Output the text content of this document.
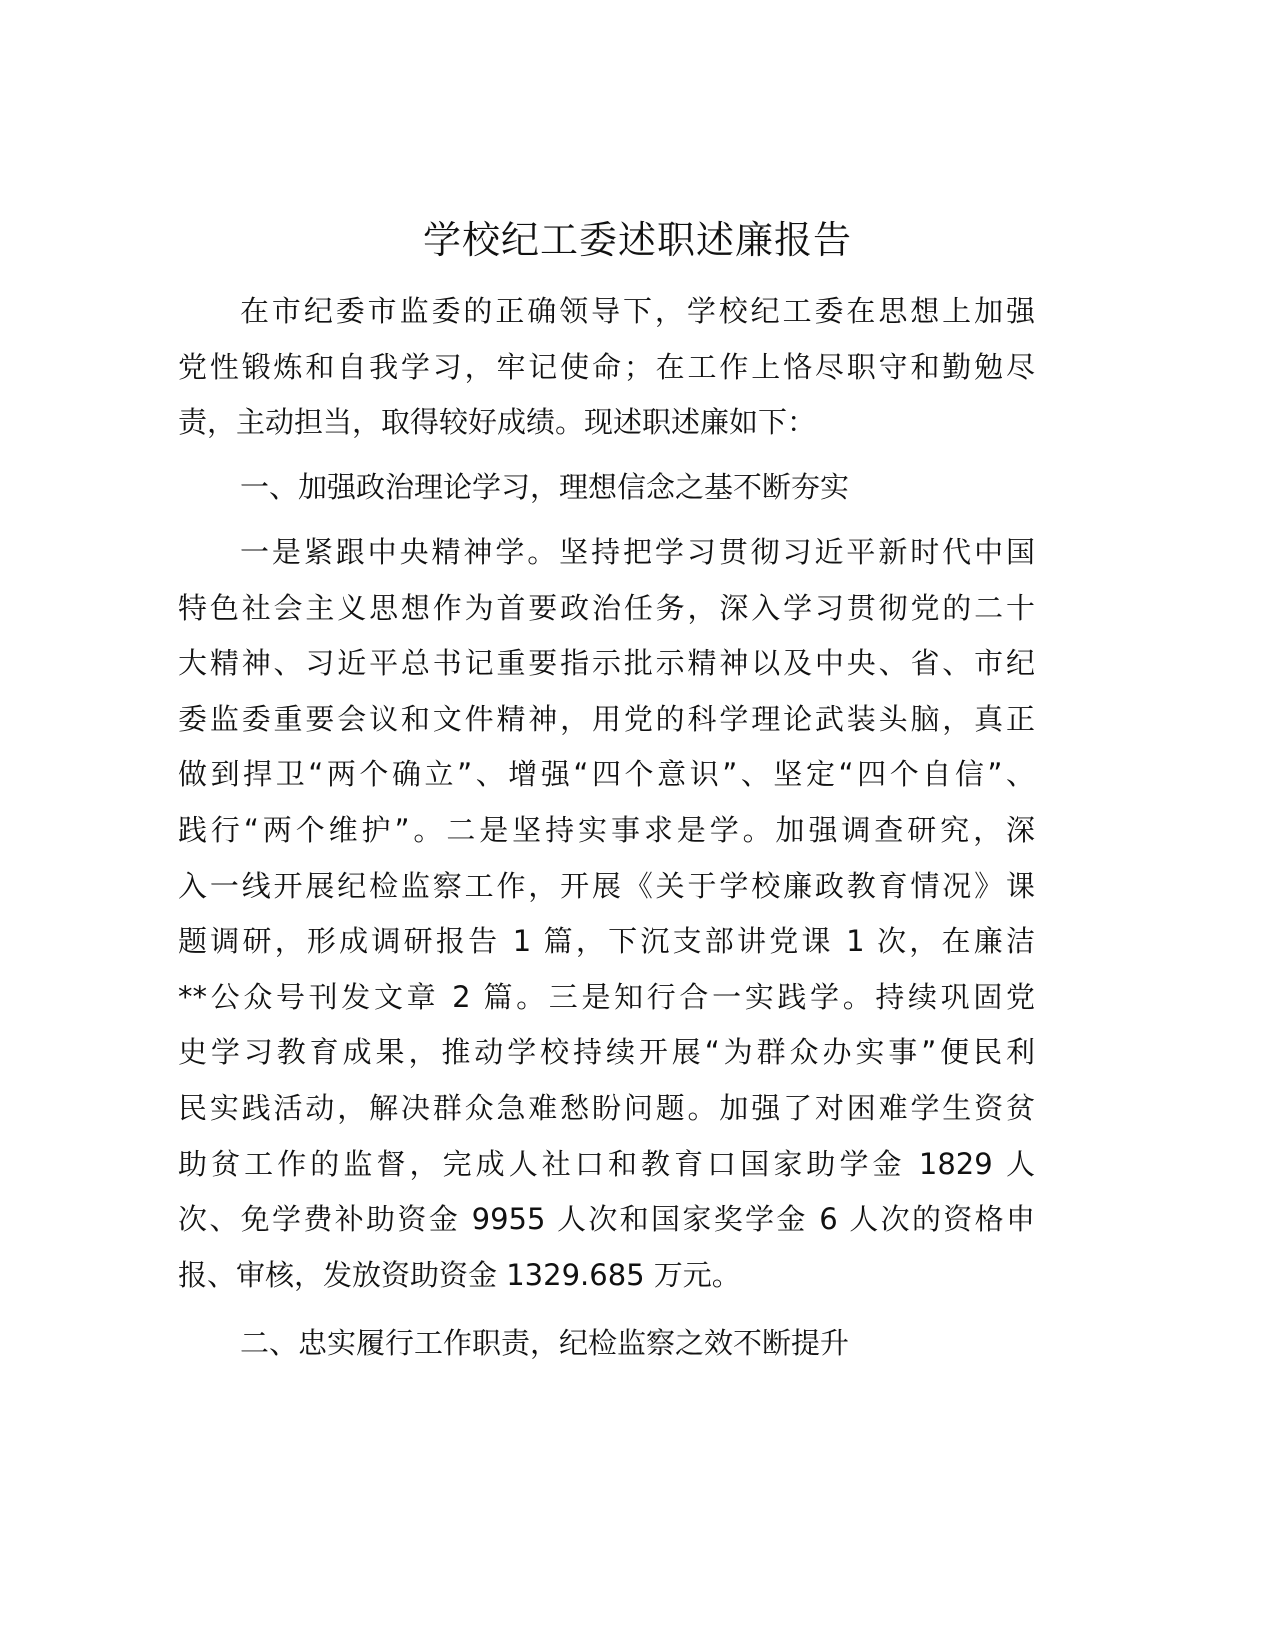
学校纪工委述职述廉报告
在市纪委市监委的正确领导下，学校纪工委在思想上加强
党性锻炼和自我学习，牢记使命；在工作上恪尽职守和勤勉尽
责，主动担当，取得较好成绩。现述职述廉如下：
一、加强政治理论学习，理想信念之基不断夯实
一是紧跟中央精神学。坚持把学习贯彻习近平新时代中国
特色社会主义思想作为首要政治任务，深入学习贯彻党的二十
大精神、习近平总书记重要指示批示精神以及中央、省、市纪
委监委重要会议和文件精神，用党的科学理论武装头脑，真正
做到捍卫“两个确立”、增强“四个意识”、坚定“四个自信”、
践行“两个维护”。二是坚持实事求是学。加强调查研究，深
入一线开展纪检监察工作，开展《关于学校廉政教育情况》课
题调研，形成调研报告 1 篇，下沉支部讲党课 1 次，在廉洁
**公众号刊发文章 2 篇。三是知行合一实践学。持续巩固党
史学习教育成果，推动学校持续开展“为群众办实事”便民利
民实践活动，解决群众急难愁盼问题。加强了对困难学生资贫
助贫工作的监督，完成人社口和教育口国家助学金 1829 人
次、免学费补助资金 9955 人次和国家奖学金 6 人次的资格申
报、审核，发放资助资金 1329.685 万元。
二、忠实履行工作职责，纪检监察之效不断提升
